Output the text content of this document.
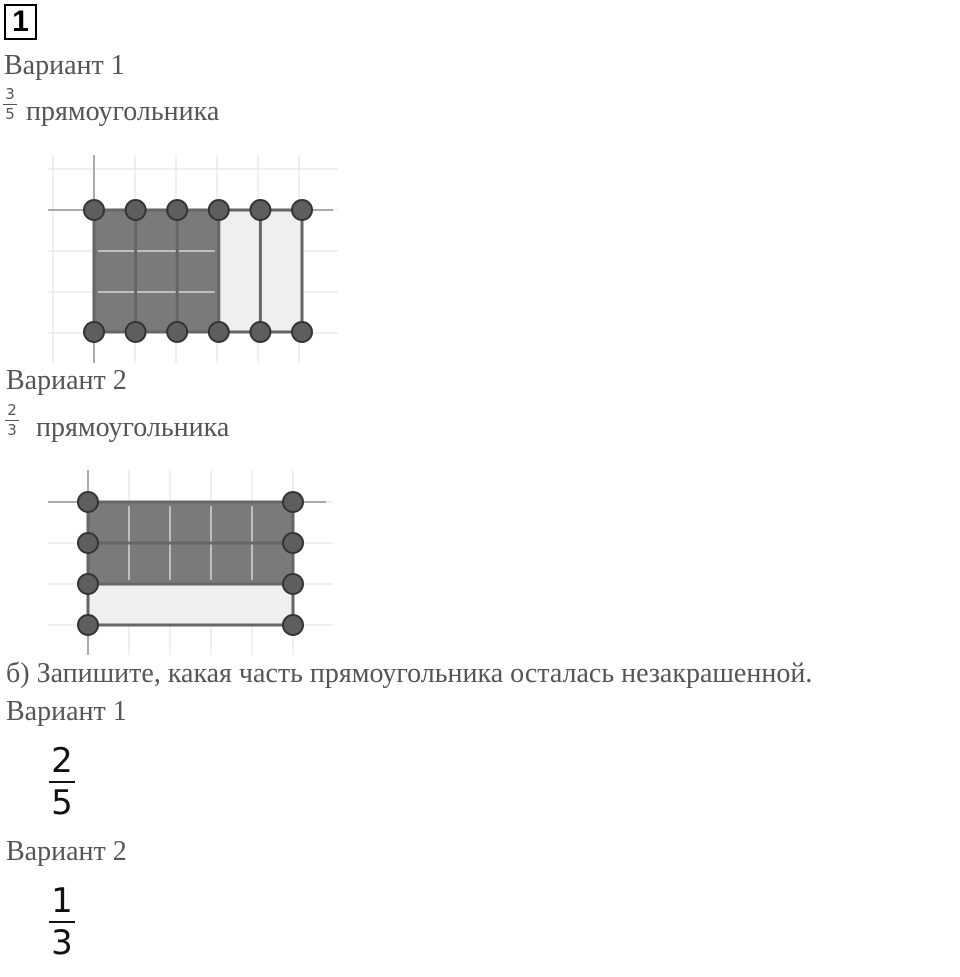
1
Вариант 1
3
5 прямоугольника
Вариант 2
2
3 прямоугольника
б) Запишите, какая часть прямоугольника осталась незакрашенной.
Вариант 1
2
5
Вариант 2
1
3
